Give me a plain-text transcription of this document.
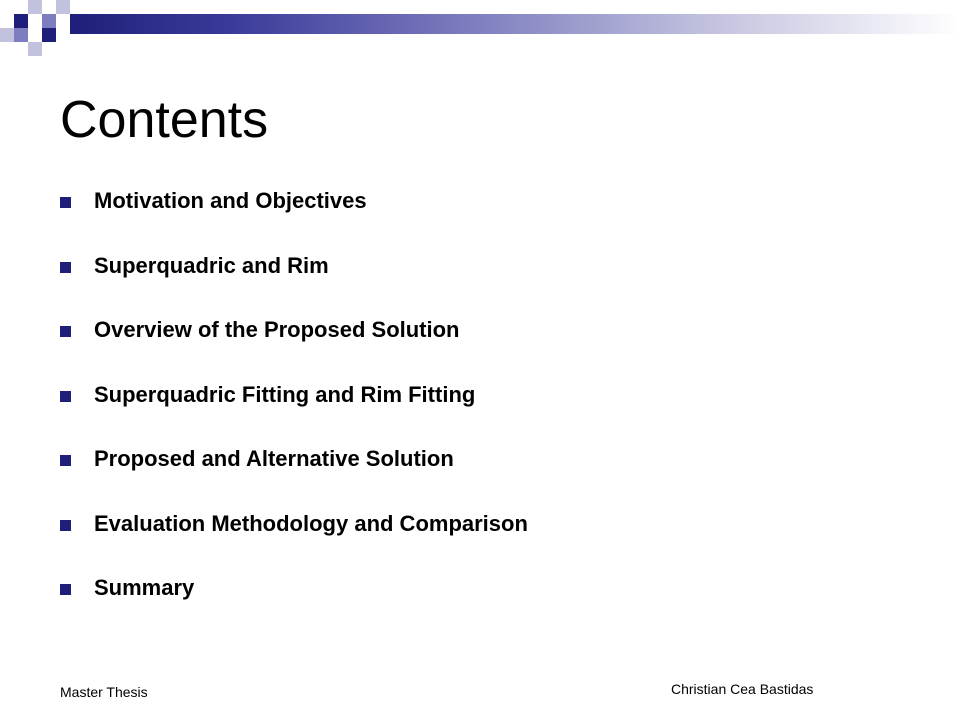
Contents
Motivation and Objectives
Superquadric and Rim
Overview of the Proposed Solution
Superquadric Fitting and Rim Fitting
Proposed and Alternative Solution
Evaluation Methodology and Comparison
Summary
Master Thesis	Christian Cea Bastidas
